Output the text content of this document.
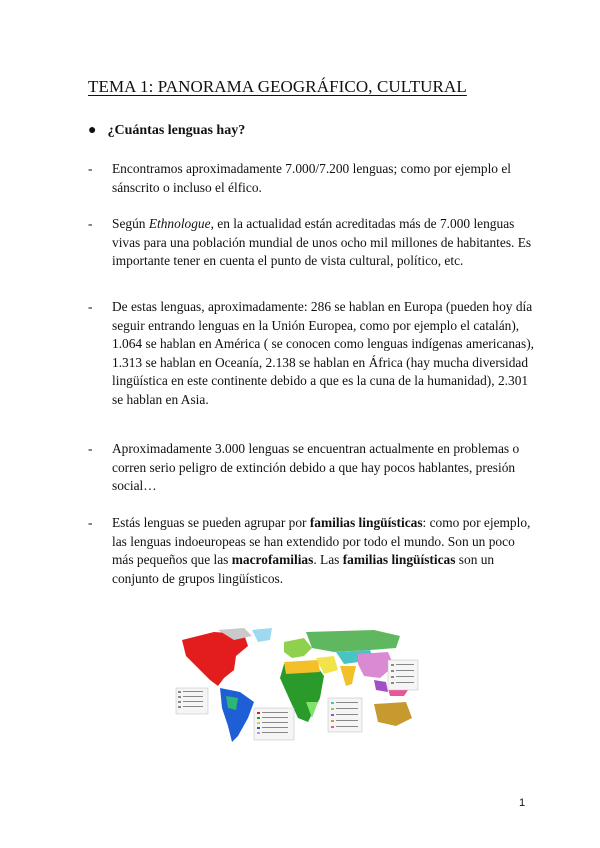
TEMA 1: PANORAMA GEOGRÁFICO, CULTURAL
● ¿Cuántas lenguas hay?
- Encontramos aproximadamente 7.000/7.200 lenguas; como por ejemplo el sánscrito o incluso el élfico.
- Según Ethnologue, en la actualidad están acreditadas más de 7.000 lenguas vivas para una población mundial de unos ocho mil millones de habitantes. Es importante tener en cuenta el punto de vista cultural, político, etc.
- De estas lenguas, aproximadamente: 286 se hablan en Europa (pueden hoy día seguir entrando lenguas en la Unión Europea, como por ejemplo el catalán), 1.064 se hablan en América ( se conocen como lenguas indígenas americanas), 1.313 se hablan en Oceanía, 2.138 se hablan en África (hay mucha diversidad lingüística en este continente debido a que es la cuna de la humanidad), 2.301 se hablan en Asia.
- Aproximadamente 3.000 lenguas se encuentran actualmente en problemas o corren serio peligro de extinción debido a que hay pocos hablantes, presión social…
- Estás lenguas se pueden agrupar por familias lingüísticas: como por ejemplo, las lenguas indoeuropeas se han extendido por todo el mundo. Son un poco más pequeños que las macrofamilias. Las familias lingüísticas son un conjunto de grupos lingüísticos.
1
